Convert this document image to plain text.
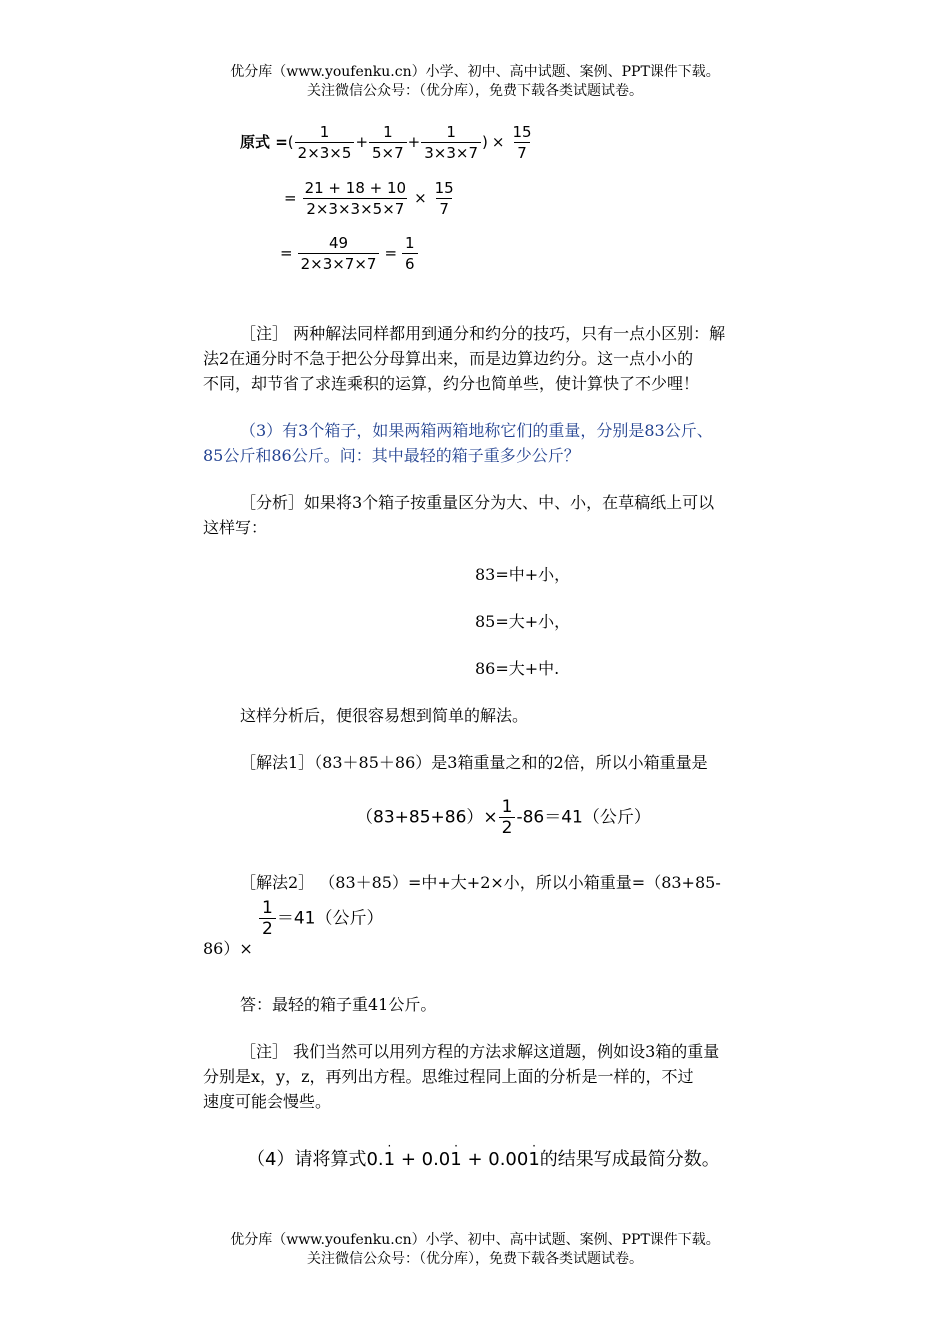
优分库（www.youfenku.cn）小学、初中、高中试题、案例、PPT课件下载。
关注微信公众号：（优分库），免费下载各类试题试卷。
原式 =( $\frac{1}{2\times 3\times 5} + \frac{1}{5\times 7} + \frac{1}{3\times 3\times 7}$ ) × $\frac{15}{7}$
= $\frac{21 + 18 + 10}{2\times 3\times 3\times 5\times 7} \times \frac{15}{7}$
= $\frac{49}{2\times 3\times 7\times 7} = \frac{1}{6}$
［注］ 两种解法同样都用到通分和约分的技巧，只有一点小区别：解
法2在通分时不急于把公分母算出来，而是边算边约分。这一点小小的
不同，却节省了求连乘积的运算，约分也简单些，使计算快了不少哩！
（3）有3个箱子，如果两箱两箱地称它们的重量，分别是83公斤、
85公斤和86公斤。问：其中最轻的箱子重多少公斤？
［分析］如果将3个箱子按重量区分为大、中、小，在草稿纸上可以
这样写：
83=中+小，
85=大+小，
86=大+中.
这样分析后，便很容易想到简单的解法。
［解法1］（83＋85＋86）是3箱重量之和的2倍，所以小箱重量是
$(83+85+86)\times \frac{1}{2} -86=41$（公斤）
［解法2］ （83＋85）=中+大+2×小，所以小箱重量=（83+85-
$\frac{1}{2} =41$（公斤）
86）×
答：最轻的箱子重41公斤。
［注］ 我们当然可以用列方程的方法求解这道题，例如设3箱的重量
分别是x，y，z，再列出方程。思维过程同上面的分析是一样的，不过
速度可能会慢些。
（4）请将算式0.1
·
+ 0.01
·
+ 0.001
·
的结果写成最简分数。
优分库（www.youfenku.cn）小学、初中、高中试题、案例、PPT课件下载。
关注微信公众号：（优分库），免费下载各类试题试卷。
